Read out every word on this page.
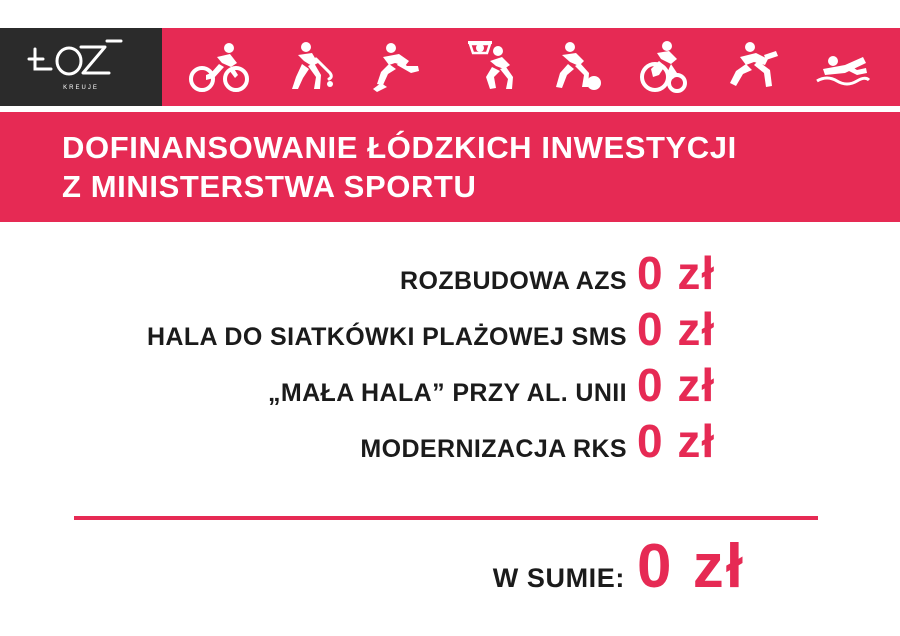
KREUJE
DOFINANSOWANIE ŁÓDZKICH INWESTYCJI
Z MINISTERSTWA SPORTU
ROZBUDOWA AZS 0 zł
HALA DO SIATKÓWKI PLAŻOWEJ SMS 0 zł
„MAŁA HALA” PRZY AL. UNII 0 zł
MODERNIZACJA RKS 0 zł
W SUMIE: 0 zł
